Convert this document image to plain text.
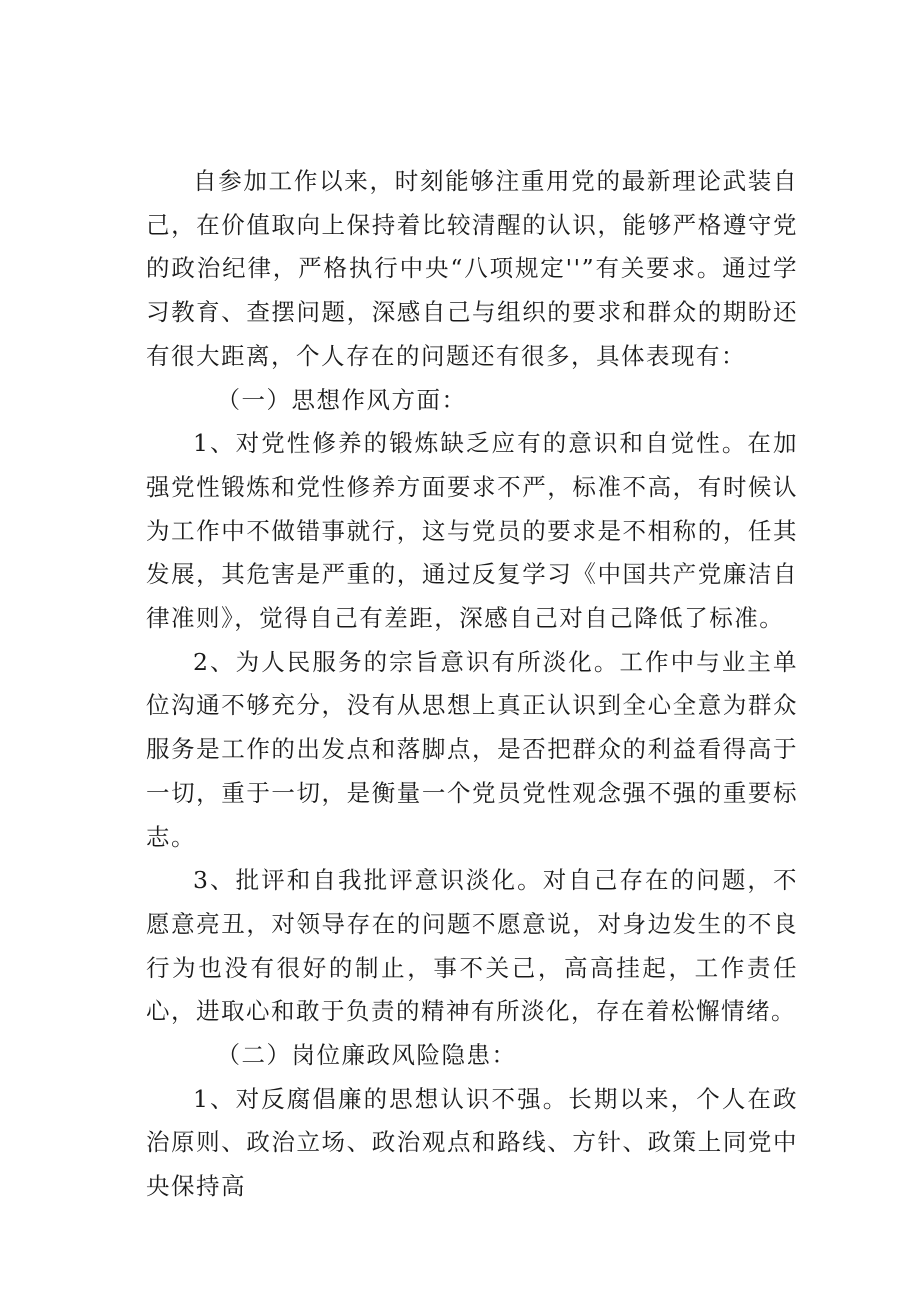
自参加工作以来，时刻能够注重用党的最新理论武装自己，在价值取向上保持着比较清醒的认识，能够严格遵守党的政治纪律，严格执行中央“八项规定''”有关要求。通过学习教育、查摆问题，深感自己与组织的要求和群众的期盼还有很大距离，个人存在的问题还有很多，具体表现有：

（一）思想作风方面：

1、对党性修养的锻炼缺乏应有的意识和自觉性。在加强党性锻炼和党性修养方面要求不严，标准不高，有时候认为工作中不做错事就行，这与党员的要求是不相称的，任其发展，其危害是严重的，通过反复学习《中国共产党廉洁自律准则》，觉得自己有差距，深感自己对自己降低了标准。

2、为人民服务的宗旨意识有所淡化。工作中与业主单位沟通不够充分，没有从思想上真正认识到全心全意为群众服务是工作的出发点和落脚点，是否把群众的利益看得高于一切，重于一切，是衡量一个党员党性观念强不强的重要标志。

3、批评和自我批评意识淡化。对自己存在的问题，不愿意亮丑，对领导存在的问题不愿意说，对身边发生的不良行为也没有很好的制止，事不关己，高高挂起，工作责任心，进取心和敢于负责的精神有所淡化，存在着松懈情绪。

（二）岗位廉政风险隐患：

1、对反腐倡廉的思想认识不强。长期以来，个人在政治原则、政治立场、政治观点和路线、方针、政策上同党中央保持高
